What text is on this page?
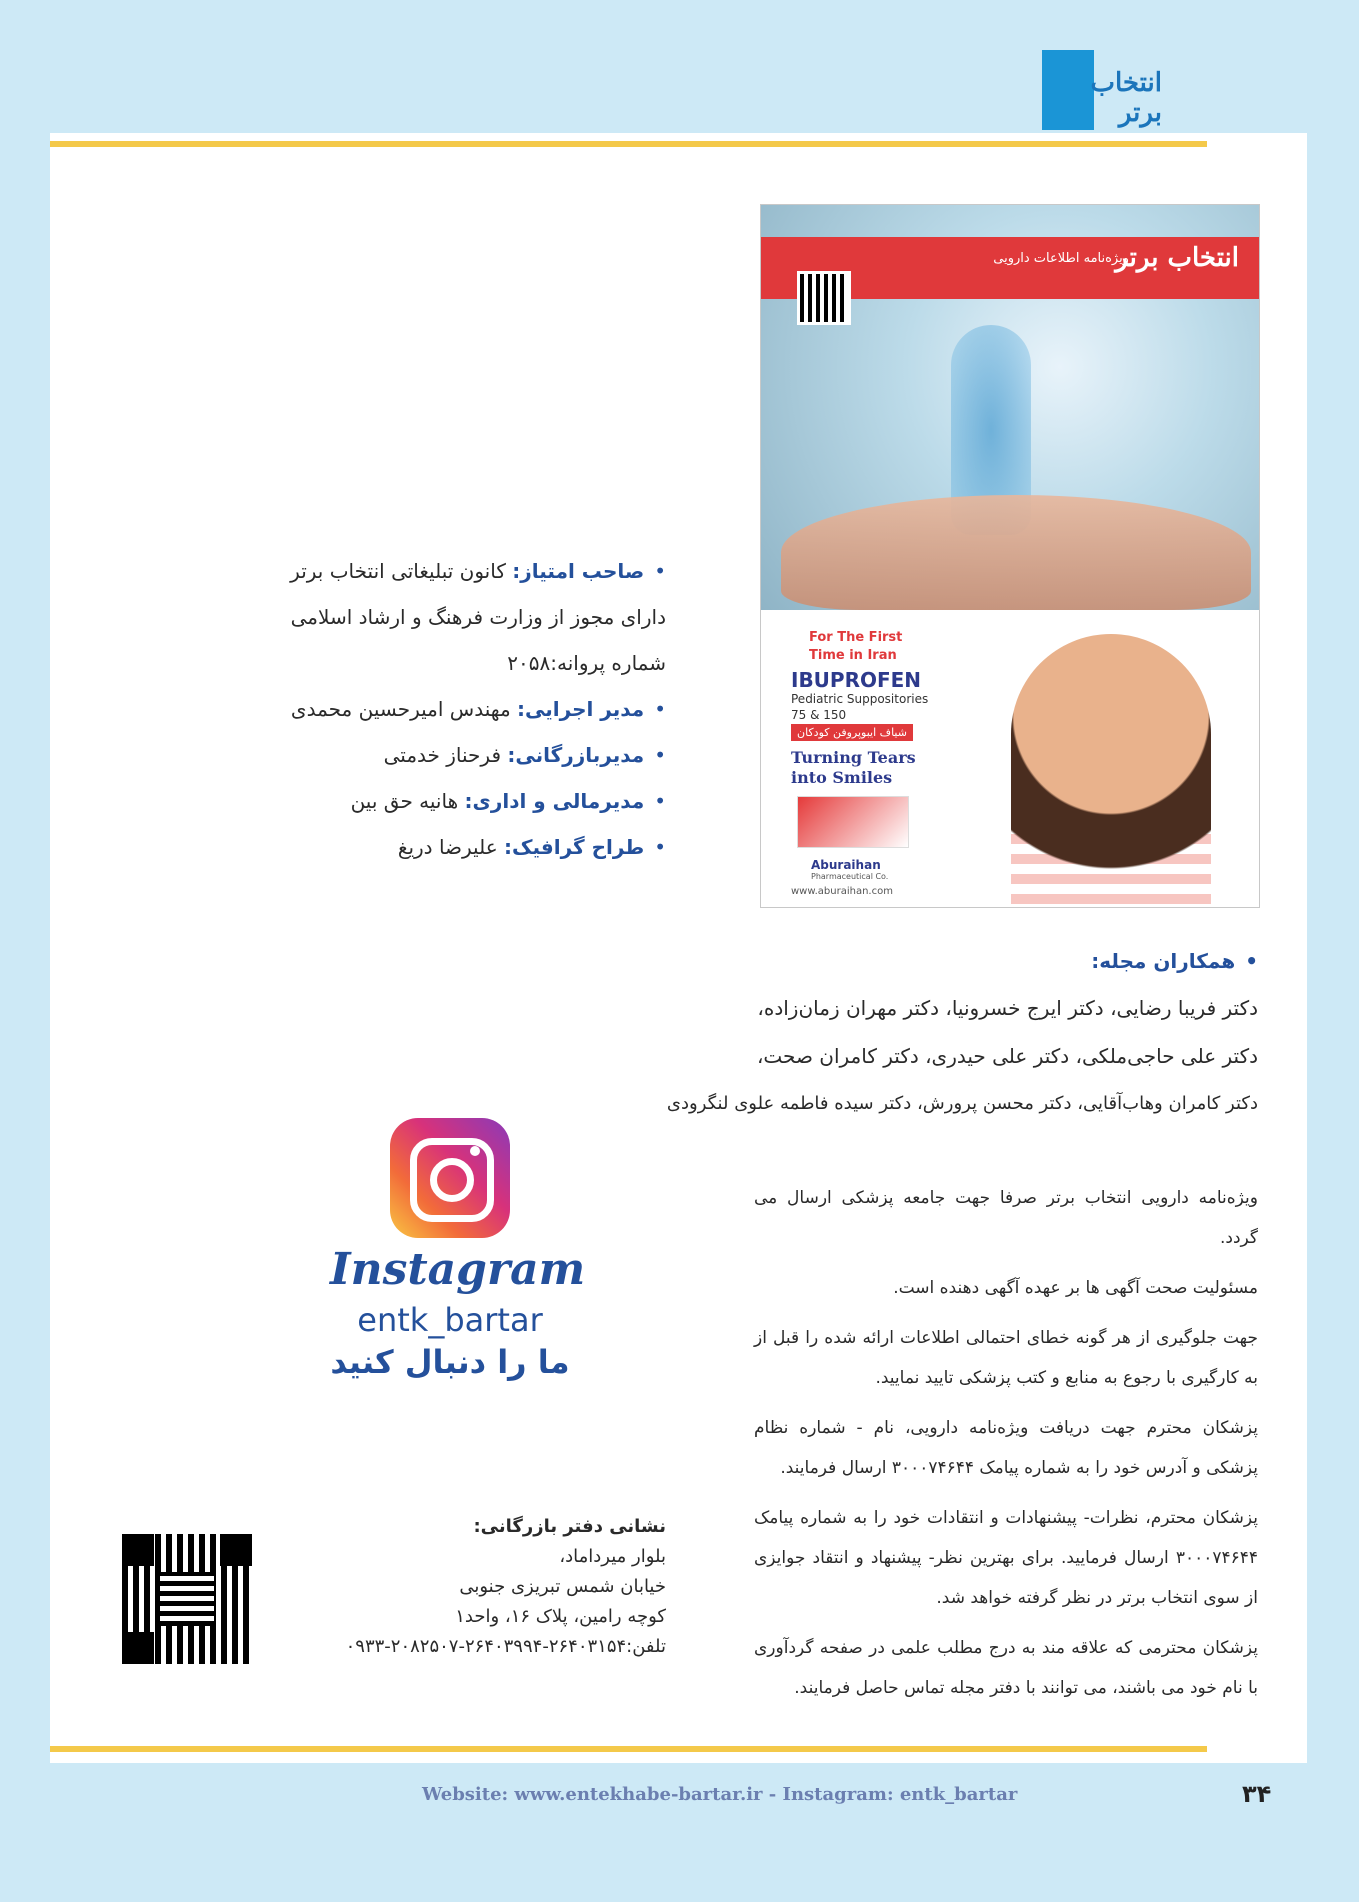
انتخاب برتر
انتخاب برتر
ویژه‌نامه اطلاعات دارویی
For The First
Time in Iran
IBUPROFEN
Pediatric Suppositories
75 & 150
شیاف ایبوپروفن کودکان
Turning Tears into Smiles
Aburaihan
Pharmaceutical Co.
www.aburaihan.com
•صاحب امتیاز: کانون تبلیغاتی انتخاب برتر
دارای مجوز از وزارت فرهنگ و ارشاد اسلامی
شماره پروانه:۲۰۵۸
•مدیر اجرایی: مهندس امیرحسین محمدی
•مدیربازرگانی: فرحناز خدمتی
•مدیرمالی و اداری: هانیه حق بین
•طراح گرافیک: علیرضا دریغ
•همکاران مجله:
دکتر فریبا رضایی، دکتر ایرج خسرونیا، دکتر مهران زمان‌زاده،
دکتر علی حاجی‌ملکی، دکتر علی حیدری، دکتر کامران صحت،
دکتر کامران وهاب‌آقایی، دکتر محسن پرورش، دکتر سیده فاطمه علوی لنگرودی

ویژه‌نامه دارویی انتخاب برتر صرفا جهت جامعه پزشکی ارسال می گردد.

مسئولیت صحت آگهی ها بر عهده آگهی دهنده است.

جهت جلوگیری از هر گونه خطای احتمالی اطلاعات ارائه شده را قبل از به کارگیری با رجوع به منابع و کتب پزشکی تایید نمایید.

پزشکان محترم جهت دریافت ویژه‌نامه دارویی، نام - شماره نظام پزشکی و آدرس خود را به شماره پیامک ۳۰۰۰۷۴۶۴۴ ارسال فرمایند.

پزشکان محترم، نظرات- پیشنهادات و انتقادات خود را به شماره پیامک ۳۰۰۰۷۴۶۴۴ ارسال فرمایید. برای بهترین نظر- پیشنهاد و انتقاد جوایزی از سوی انتخاب برتر در نظر گرفته خواهد شد.

پزشکان محترمی که علاقه مند به درج مطلب علمی در صفحه گردآوری با نام خود می باشند، می توانند با دفتر مجله تماس حاصل فرمایند.

Instagram
entk_bartar
ما را دنبال کنید
نشانی دفتر بازرگانی:
بلوار میرداماد،
خیابان شمس تبریزی جنوبی
کوچه رامین، پلاک ۱۶، واحد۱
تلفن:۲۶۴۰۳۱۵۴-۲۶۴۰۳۹۹۴-۲۰۸۲۵۰۷-۰۹۳۳
Website: www.entekhabe-bartar.ir - Instagram: entk_bartar	۳۴
